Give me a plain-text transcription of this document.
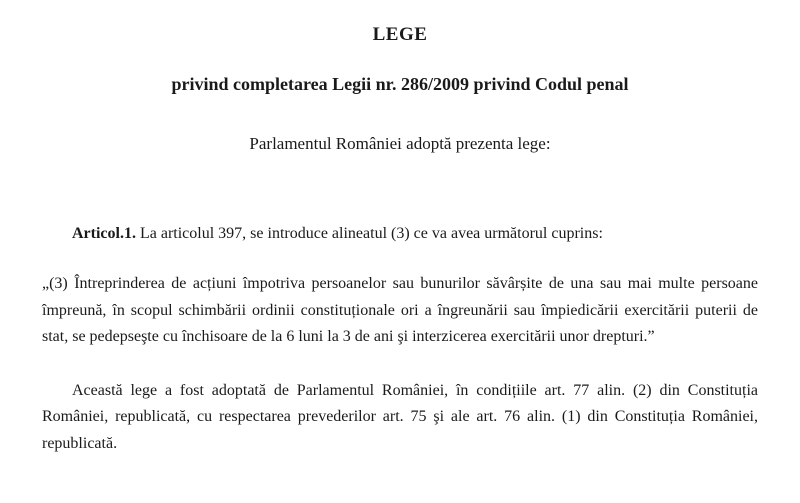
LEGE
privind completarea Legii nr. 286/2009 privind Codul penal

Parlamentul României adoptă prezenta lege:

Articol.1. La articolul 397, se introduce alineatul (3) ce va avea următorul cuprins:

„(3) Întreprinderea de acțiuni împotriva persoanelor sau bunurilor săvârșite de una sau mai multe persoane împreună, în scopul schimbării ordinii constituționale ori a îngreunării sau împiedicării exercitării puterii de stat, se pedepseşte cu închisoare de la 6 luni la 3 de ani şi interzicerea exercitării unor drepturi.”

Această lege a fost adoptată de Parlamentul României, în condițiile art. 77 alin. (2) din Constituția României, republicată, cu respectarea prevederilor art. 75 şi ale art. 76 alin. (1) din Constituția României, republicată.
